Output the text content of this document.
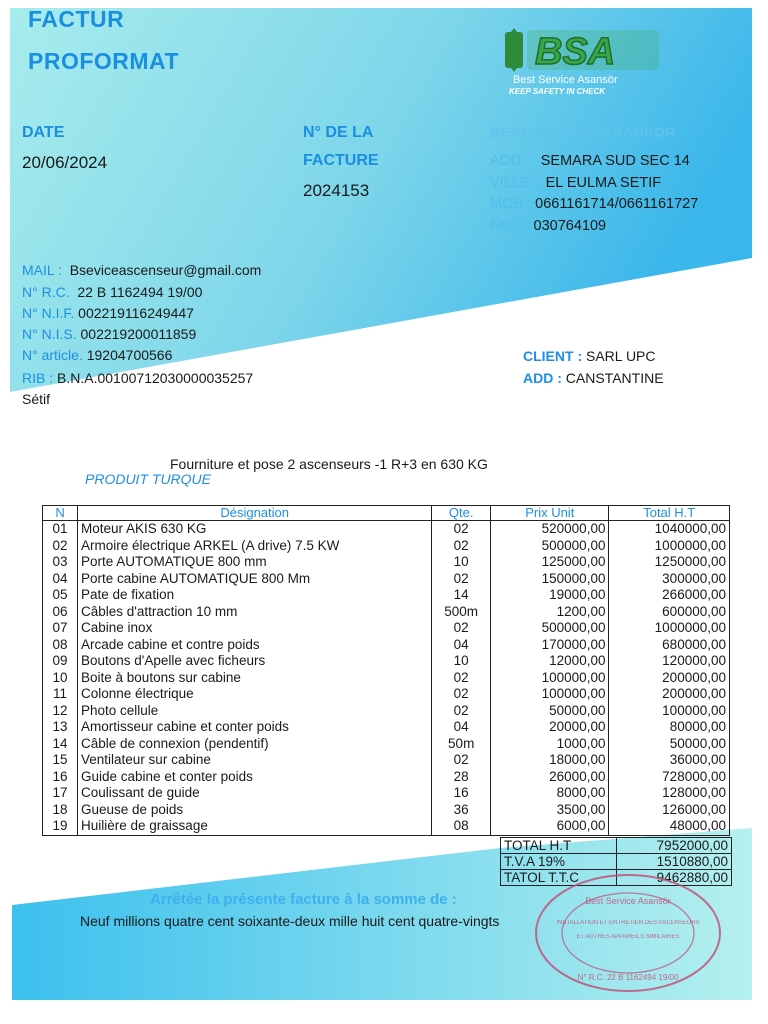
FACTUR
PROFORMAT	BSA
Best Service Asansör
KEEP SAFETY IN CHECK
DATE
20/06/2024
N° DE LA
FACTURE
2024153
BEST SERVICE ASANSOR
ADD : SEMARA SUD SEC 14
VILLE : EL EULMA SETIF
MOB : 0661161714/0661161727
FAX : 030764109
MAIL : Bseviceascenseur@gmail.com
N° R.C. 22 B 1162494 19/00
N° N.I.F. 002219116249447
N° N.I.S. 002219200011859
N° article. 19204700566
RIB : B.N.A.00100712030000035257
Sétif
CLIENT : SARL UPC
ADD : CANSTANTINE
Fourniture et pose 2 ascenseurs -1 R+3 en 630 KG
PRODUIT TURQUE
N	Désignation	Qte.	Prix Unit	Total H.T
01	Moteur AKIS 630 KG	02	520000,00	1040000,00
02	Armoire électrique ARKEL (A drive) 7.5 KW	02	500000,00	1000000,00
03	Porte AUTOMATIQUE 800 mm	10	125000,00	1250000,00
04	Porte cabine AUTOMATIQUE 800 Mm	02	150000,00	300000,00
05	Pate de fixation	14	19000,00	266000,00
06	Câbles d'attraction 10 mm	500m	1200,00	600000,00
07	Cabine inox	02	500000,00	1000000,00
08	Arcade cabine et contre poids	04	170000,00	680000,00
09	Boutons d'Apelle avec ficheurs	10	12000,00	120000,00
10	Boite à boutons sur cabine	02	100000,00	200000,00
11	Colonne électrique	02	100000,00	200000,00
12	Photo cellule	02	50000,00	100000,00
13	Amortisseur cabine et conter poids	04	20000,00	80000,00
14	Câble de connexion (pendentif)	50m	1000,00	50000,00
15	Ventilateur sur cabine	02	18000,00	36000,00
16	Guide cabine et conter poids	28	26000,00	728000,00
17	Coulissant de guide	16	8000,00	128000,00
18	Gueuse de poids	36	3500,00	126000,00
19	Huilière de graissage	08	6000,00	48000,00
TOTAL H.T	7952000,00
T.V.A 19%	1510880,00
TATOL T.T.C	9462880,00
Arrêtée la présente facture à la somme de :
Neuf millions quatre cent soixante-deux mille huit cent quatre-vingts
Best Service Asansör
INSTALLATION ET ENTRETIEN DES ASCENSEURS
ET AUTRES APPAREILS SIMILAIRES
N° R.C. 22 B 1162494 19/00
